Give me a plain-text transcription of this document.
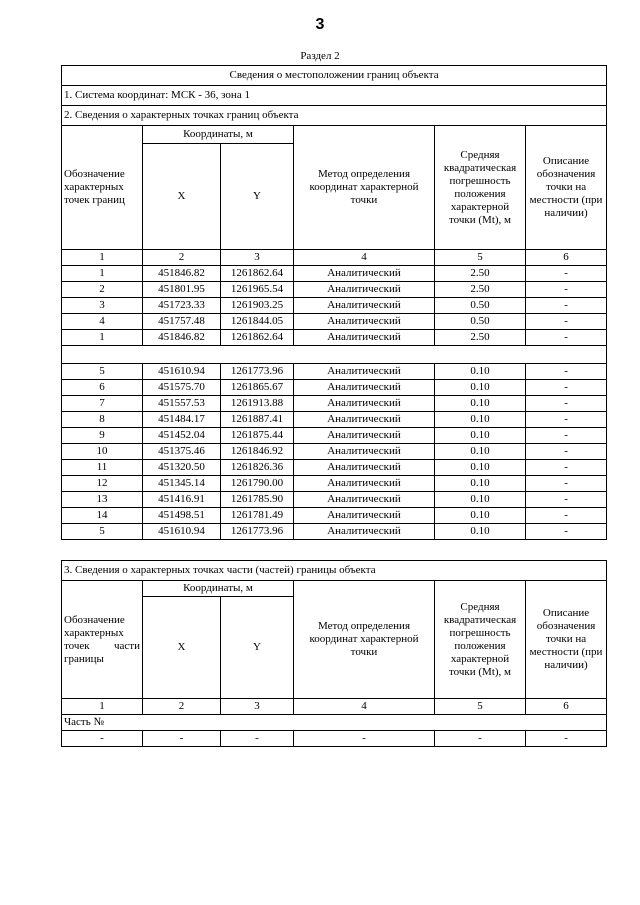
3
Раздел 2
Сведения о местоположении границ объекта					
1. Система координат: МСК - 36, зона 1					
2. Сведения о характерных точках границ объекта					
Обозначение характерных точек границ	Координаты, м		Метод определения координат характерной точки	Средняя квадратическая погрешность положения характерной точки (Mt), м	Описание обозначения точки на местности (при наличии)
	X	Y			
1	2	3	4	5	6
1	451846.82	1261862.64	Аналитический	2.50	-
2	451801.95	1261965.54	Аналитический	2.50	-
3	451723.33	1261903.25	Аналитический	0.50	-
4	451757.48	1261844.05	Аналитический	0.50	-
1	451846.82	1261862.64	Аналитический	2.50	-

5	451610.94	1261773.96	Аналитический	0.10	-
6	451575.70	1261865.67	Аналитический	0.10	-
7	451557.53	1261913.88	Аналитический	0.10	-
8	451484.17	1261887.41	Аналитический	0.10	-
9	451452.04	1261875.44	Аналитический	0.10	-
10	451375.46	1261846.92	Аналитический	0.10	-
11	451320.50	1261826.36	Аналитический	0.10	-
12	451345.14	1261790.00	Аналитический	0.10	-
13	451416.91	1261785.90	Аналитический	0.10	-
14	451498.51	1261781.49	Аналитический	0.10	-
5	451610.94	1261773.96	Аналитический	0.10	-
3. Сведения о характерных точках части (частей) границы объекта					
Обозначение характерных точек части границы	Координаты, м		Метод определения координат характерной точки	Средняя квадратическая погрешность положения характерной точки (Mt), м	Описание обозначения точки на местности (при наличии)
	X	Y			
1	2	3	4	5	6
Часть №					
-	-	-	-	-	-
